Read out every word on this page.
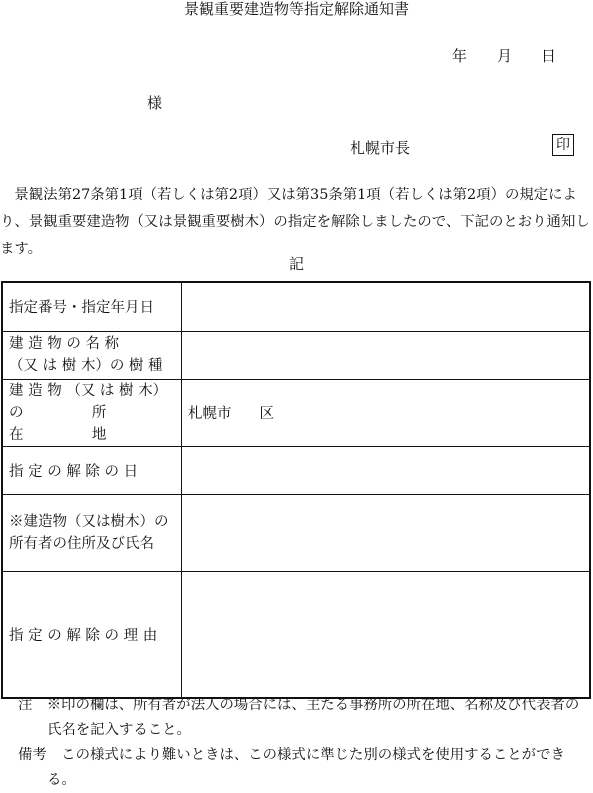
景観重要建造物等指定解除通知書
年 月 日
様
札幌市長	印
景観法第27条第1項（若しくは第2項）又は第35条第1項（若しくは第2項）の規定により、景観重要建造物（又は景観重要樹木）の指定を解除しましたので、下記のとおり通知します。
記
指定番号・指定年月日	

建 造 物 の 名 称
（又 は 樹 木）の 樹 種	

建 造 物 （又 は 樹 木）
の 所 在 地	札幌市 区
指 定 の 解 除 の 日	

※建造物（又は樹木）の
所有者の住所及び氏名	

指 定 の 解 除 の 理 由	
注　※印の欄は、所有者が法人の場合には、主たる事務所の所在地、名称及び代表者の
氏名を記入すること。
備考　この様式により難いときは、この様式に準じた別の様式を使用することができ
る。
